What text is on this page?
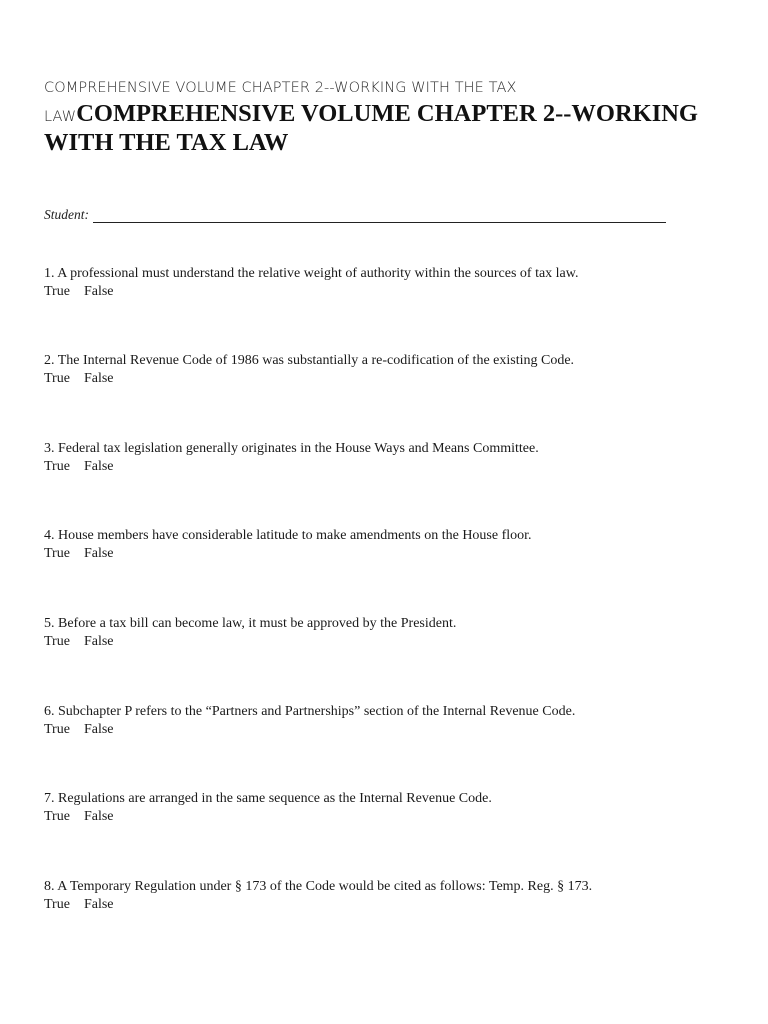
COMPREHENSIVE VOLUME CHAPTER 2--WORKING WITH THE TAX LAWCOMPREHENSIVE VOLUME CHAPTER 2--WORKING WITH THE TAX LAW
Student:
1. A professional must understand the relative weight of authority within the sources of tax law.
True False
2. The Internal Revenue Code of 1986 was substantially a re-codification of the existing Code.
True False
3. Federal tax legislation generally originates in the House Ways and Means Committee.
True False
4. House members have considerable latitude to make amendments on the House floor.
True False
5. Before a tax bill can become law, it must be approved by the President.
True False
6. Subchapter P refers to the “Partners and Partnerships” section of the Internal Revenue Code.
True False
7. Regulations are arranged in the same sequence as the Internal Revenue Code.
True False
8. A Temporary Regulation under § 173 of the Code would be cited as follows: Temp. Reg. § 173.
True False
